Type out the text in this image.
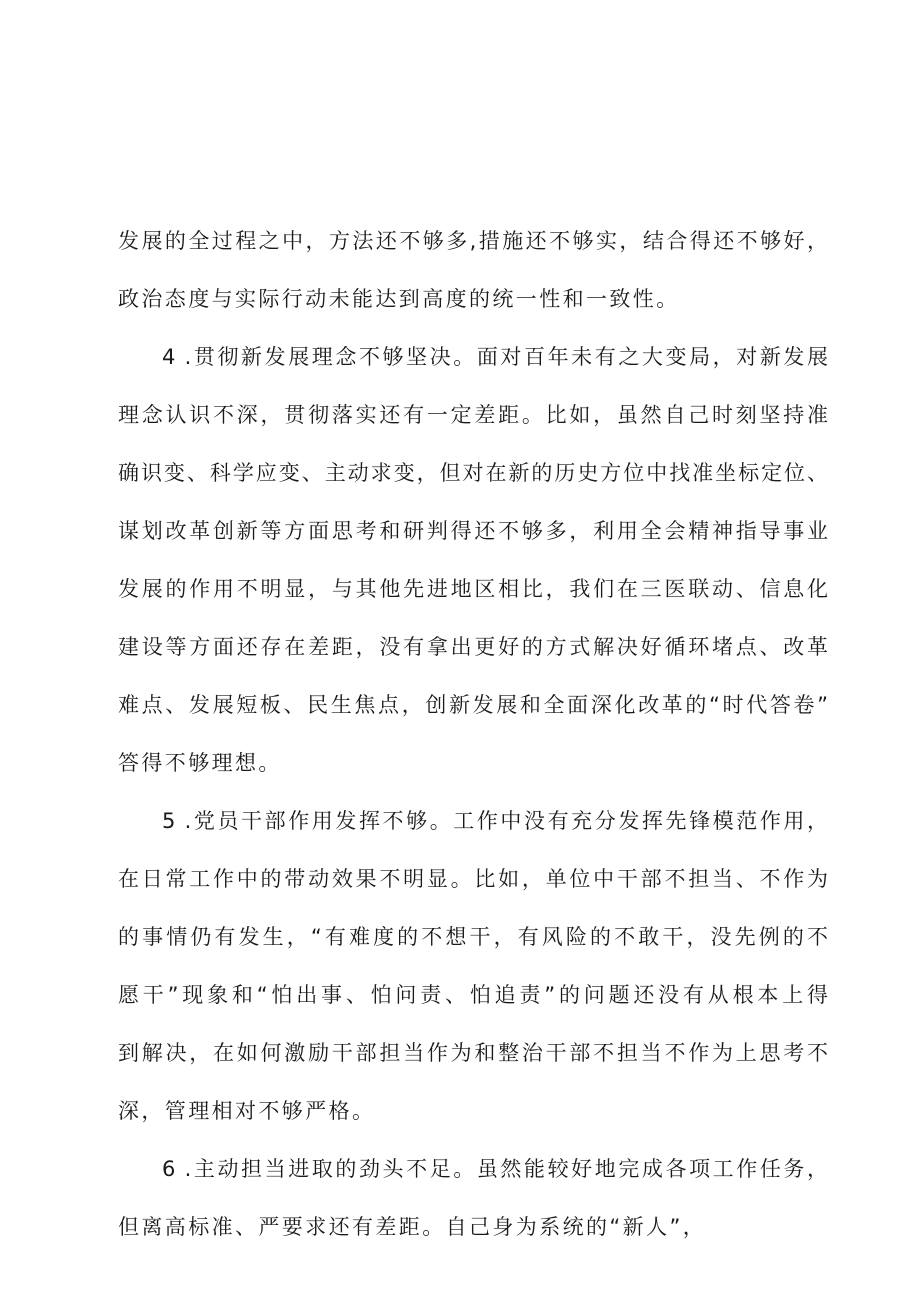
发展的全过程之中，方法还不够多,措施还不够实，结合得还不够好，
政治态度与实际行动未能达到高度的统一性和一致性。
4 .贯彻新发展理念不够坚决。面对百年未有之大变局，对新发展
理念认识不深，贯彻落实还有一定差距。比如，虽然自己时刻坚持准
确识变、科学应变、主动求变，但对在新的历史方位中找准坐标定位、
谋划改革创新等方面思考和研判得还不够多，利用全会精神指导事业
发展的作用不明显，与其他先进地区相比，我们在三医联动、信息化
建设等方面还存在差距，没有拿出更好的方式解决好循环堵点、改革
难点、发展短板、民生焦点，创新发展和全面深化改革的“时代答卷”
答得不够理想。
5 .党员干部作用发挥不够。工作中没有充分发挥先锋模范作用，
在日常工作中的带动效果不明显。比如，单位中干部不担当、不作为
的事情仍有发生，“有难度的不想干，有风险的不敢干，没先例的不
愿干”现象和“怕出事、怕问责、怕追责”的问题还没有从根本上得
到解决，在如何激励干部担当作为和整治干部不担当不作为上思考不
深，管理相对不够严格。
6 .主动担当进取的劲头不足。虽然能较好地完成各项工作任务，
但离高标准、严要求还有差距。自己身为系统的“新人”，
